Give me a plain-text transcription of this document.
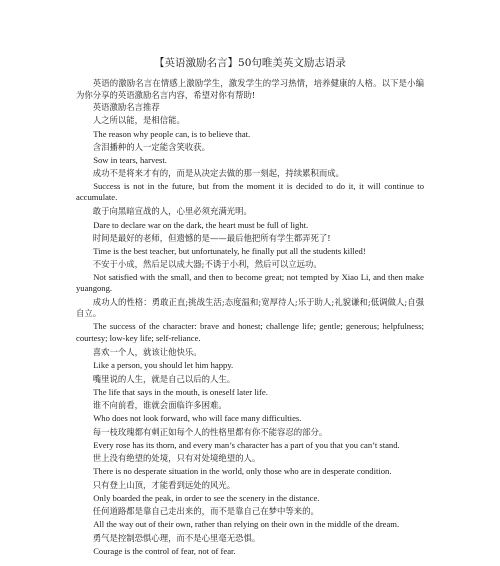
【英语激励名言】50句唯美英文励志语录

英语的激励名言在情感上激励学生，激发学生的学习热情，培养健康的人格。以下是小编为你分享的英语激励名言内容，希望对你有帮助!

英语激励名言推荐

人之所以能，是相信能。

The reason why people can, is to believe that.

含泪播种的人一定能含笑收获。

Sow in tears, harvest.

成功不是将来才有的，而是从决定去做的那一刻起，持续累积而成。

Success is not in the future, but from the moment it is decided to do it, it will continue to accumulate.

敢于向黑暗宣战的人，心里必须充满光明。

Dare to declare war on the dark, the heart must be full of light.

时间是最好的老师，但遗憾的是——最后他把所有学生都弄死了!

Time is the best teacher, but unfortunately, he finally put all the students killed!

不安于小成，然后足以成大器;不诱于小利，然后可以立远功。

Not satisfied with the small, and then to become great; not tempted by Xiao Li, and then make yuangong.

成功人的性格：勇敢正直;挑战生活;态度温和;宽厚待人;乐于助人;礼貌谦和;低调做人;自强自立。

The success of the character: brave and honest; challenge life; gentle; generous; helpfulness; courtesy; low-key life; self-reliance.

喜欢一个人，就该让他快乐。

Like a person, you should let him happy.

嘴里说的人生，就是自己以后的人生。

The life that says in the mouth, is oneself later life.

谁不向前看，谁就会面临许多困难。

Who does not look forward, who will face many difficulties.

每一枝玫瑰都有刺正如每个人的性格里都有你不能容忍的部分。

Every rose has its thorn, and every man’s character has a part of you that you can’t stand.

世上没有绝望的处境，只有对处境绝望的人。

There is no desperate situation in the world, only those who are in desperate condition.

只有登上山顶，才能看到远处的风光。

Only boarded the peak, in order to see the scenery in the distance.

任何道路都是靠自己走出来的，而不是靠自己在梦中等来的。

All the way out of their own, rather than relying on their own in the middle of the dream.

勇气是控制恐惧心理，而不是心里毫无恐惧。

Courage is the control of fear, not of fear.
